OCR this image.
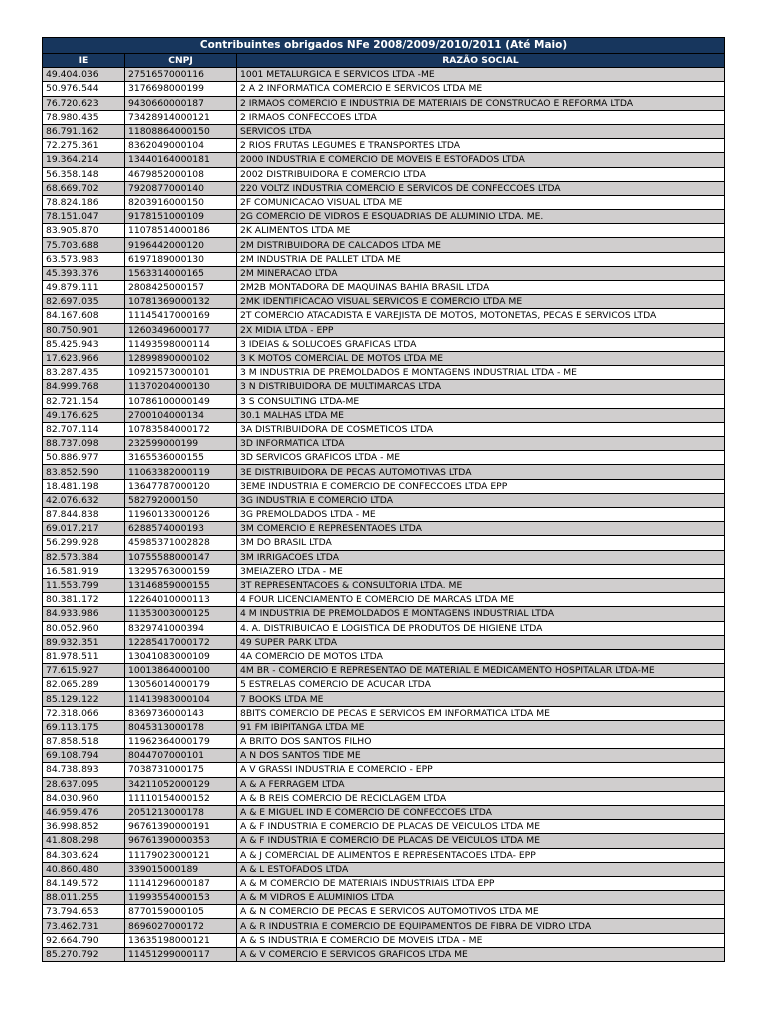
Contribuintes obrigados NFe 2008/2009/2010/2011 (Até Maio)		
IE	CNPJ	RAZÃO SOCIAL
49.404.036	2751657000116	1001 METALURGICA E SERVICOS LTDA -ME
50.976.544	3176698000199	2 A 2 INFORMATICA COMERCIO E SERVICOS LTDA ME
76.720.623	9430660000187	2 IRMAOS COMERCIO E INDUSTRIA DE MATERIAIS DE CONSTRUCAO E REFORMA LTDA
78.980.435	73428914000121	2 IRMAOS CONFECCOES LTDA
86.791.162	11808864000150	SERVICOS LTDA
72.275.361	8362049000104	2 RIOS FRUTAS LEGUMES E TRANSPORTES LTDA
19.364.214	13440164000181	2000 INDUSTRIA E COMERCIO DE MOVEIS E ESTOFADOS LTDA
56.358.148	4679852000108	2002 DISTRIBUIDORA E COMERCIO LTDA
68.669.702	7920877000140	220 VOLTZ INDUSTRIA COMERCIO E SERVICOS DE CONFECCOES LTDA
78.824.186	8203916000150	2F COMUNICACAO VISUAL LTDA ME
78.151.047	9178151000109	2G COMERCIO DE VIDROS E ESQUADRIAS DE ALUMINIO LTDA. ME.
83.905.870	11078514000186	2K ALIMENTOS LTDA ME
75.703.688	9196442000120	2M DISTRIBUIDORA DE CALCADOS LTDA ME
63.573.983	6197189000130	2M INDUSTRIA DE PALLET LTDA ME
45.393.376	1563314000165	2M MINERACAO LTDA
49.879.111	2808425000157	2M2B MONTADORA DE MAQUINAS BAHIA BRASIL LTDA
82.697.035	10781369000132	2MK IDENTIFICACAO VISUAL SERVICOS E COMERCIO LTDA ME
84.167.608	11145417000169	2T COMERCIO ATACADISTA E VAREJISTA DE MOTOS, MOTONETAS, PECAS E SERVICOS LTDA
80.750.901	12603496000177	2X MIDIA LTDA - EPP
85.425.943	11493598000114	3 IDEIAS & SOLUCOES GRAFICAS LTDA
17.623.966	12899890000102	3 K MOTOS COMERCIAL DE MOTOS LTDA ME
83.287.435	10921573000101	3 M INDUSTRIA DE PREMOLDADOS E MONTAGENS INDUSTRIAL LTDA - ME
84.999.768	11370204000130	3 N DISTRIBUIDORA DE MULTIMARCAS LTDA
82.721.154	10786100000149	3 S CONSULTING LTDA-ME
49.176.625	2700104000134	30.1 MALHAS LTDA ME
82.707.114	10783584000172	3A DISTRIBUIDORA DE COSMETICOS LTDA
88.737.098	232599000199	3D INFORMATICA LTDA
50.886.977	3165536000155	3D SERVICOS GRAFICOS LTDA - ME
83.852.590	11063382000119	3E DISTRIBUIDORA DE PECAS AUTOMOTIVAS LTDA
18.481.198	13647787000120	3EME INDUSTRIA E COMERCIO DE CONFECCOES LTDA EPP
42.076.632	582792000150	3G INDUSTRIA E COMERCIO LTDA
87.844.838	11960133000126	3G PREMOLDADOS LTDA - ME
69.017.217	6288574000193	3M COMERCIO E REPRESENTAOES LTDA
56.299.928	45985371002828	3M DO BRASIL LTDA
82.573.384	10755588000147	3M IRRIGACOES LTDA
16.581.919	13295763000159	3MEIAZERO LTDA - ME
11.553.799	13146859000155	3T REPRESENTACOES & CONSULTORIA LTDA. ME
80.381.172	12264010000113	4 FOUR LICENCIAMENTO E COMERCIO DE MARCAS LTDA ME
84.933.986	11353003000125	4 M INDUSTRIA DE PREMOLDADOS E MONTAGENS INDUSTRIAL LTDA
80.052.960	8329741000394	4. A. DISTRIBUICAO E LOGISTICA DE PRODUTOS DE HIGIENE LTDA
89.932.351	12285417000172	49 SUPER PARK LTDA
81.978.511	13041083000109	4A COMERCIO DE MOTOS LTDA
77.615.927	10013864000100	4M BR - COMERCIO E REPRESENTAO DE MATERIAL E MEDICAMENTO HOSPITALAR LTDA-ME
82.065.289	13056014000179	5 ESTRELAS COMERCIO DE ACUCAR LTDA
85.129.122	11413983000104	7 BOOKS LTDA ME
72.318.066	8369736000143	8BITS COMERCIO DE PECAS E SERVICOS EM INFORMATICA LTDA ME
69.113.175	8045313000178	91 FM IBIPITANGA LTDA ME
87.858.518	11962364000179	A BRITO DOS SANTOS FILHO
69.108.794	8044707000101	A N DOS SANTOS TIDE ME
84.738.893	7038731000175	A V GRASSI INDUSTRIA E COMERCIO - EPP
28.637.095	34211052000129	A & A FERRAGEM LTDA
84.030.960	11110154000152	A & B REIS COMERCIO DE RECICLAGEM LTDA
46.959.476	2051213000178	A & E MIGUEL IND E COMERCIO DE CONFECCOES LTDA
36.998.852	96761390000191	A & F INDUSTRIA E COMERCIO DE PLACAS DE VEICULOS LTDA ME
41.808.298	96761390000353	A & F INDUSTRIA E COMERCIO DE PLACAS DE VEICULOS LTDA ME
84.303.624	11179023000121	A & J COMERCIAL DE ALIMENTOS E REPRESENTACOES LTDA- EPP
40.860.480	339015000189	A & L ESTOFADOS LTDA
84.149.572	11141296000187	A & M COMERCIO DE MATERIAIS INDUSTRIAIS LTDA EPP
88.011.255	11993554000153	A & M VIDROS E ALUMINIOS LTDA
73.794.653	8770159000105	A & N COMERCIO DE PECAS E SERVICOS AUTOMOTIVOS LTDA ME
73.462.731	8696027000172	A & R INDUSTRIA E COMERCIO DE EQUIPAMENTOS DE FIBRA DE VIDRO LTDA
92.664.790	13635198000121	A & S INDUSTRIA E COMERCIO DE MOVEIS LTDA - ME
85.270.792	11451299000117	A & V COMERCIO E SERVICOS GRAFICOS LTDA ME
